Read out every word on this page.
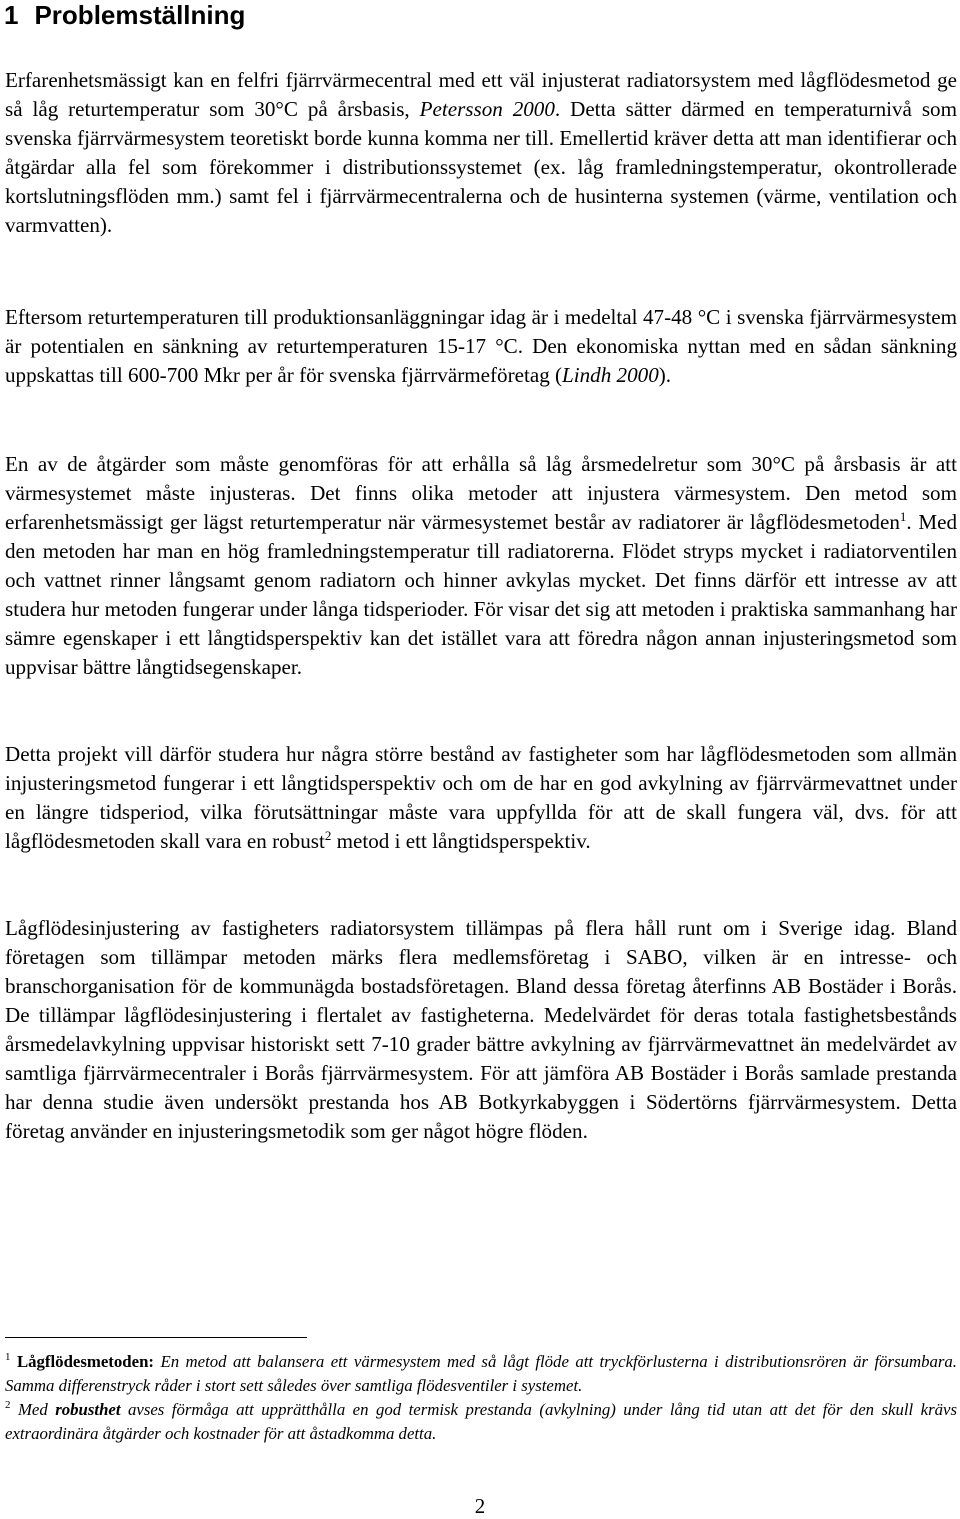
1 Problemställning

Erfarenhetsmässigt kan en felfri fjärrvärmecentral med ett väl injusterat radiatorsystem med lågflödesmetod ge så låg returtemperatur som 30°C på årsbasis, Petersson 2000. Detta sätter därmed en temperaturnivå som svenska fjärrvärmesystem teoretiskt borde kunna komma ner till. Emellertid kräver detta att man identifierar och åtgärdar alla fel som förekommer i distributionssystemet (ex. låg framledningstemperatur, okontrollerade kortslutningsflöden mm.) samt fel i fjärrvärmecentralerna och de husinterna systemen (värme, ventilation och varmvatten).

Eftersom returtemperaturen till produktionsanläggningar idag är i medeltal 47-48 °C i svenska fjärrvärmesystem är potentialen en sänkning av returtemperaturen 15-17 °C. Den ekonomiska nyttan med en sådan sänkning uppskattas till 600-700 Mkr per år för svenska fjärrvärmeföretag (Lindh 2000).

En av de åtgärder som måste genomföras för att erhålla så låg årsmedelretur som 30°C på årsbasis är att värmesystemet måste injusteras. Det finns olika metoder att injustera värmesystem. Den metod som erfarenhetsmässigt ger lägst returtemperatur när värmesystemet består av radiatorer är lågflödesmetoden$^1$. Med den metoden har man en hög framledningstemperatur till radiatorerna. Flödet stryps mycket i radiatorventilen och vattnet rinner långsamt genom radiatorn och hinner avkylas mycket. Det finns därför ett intresse av att studera hur metoden fungerar under långa tidsperioder. För visar det sig att metoden i praktiska sammanhang har sämre egenskaper i ett långtidsperspektiv kan det istället vara att föredra någon annan injusteringsmetod som uppvisar bättre långtidsegenskaper.

Detta projekt vill därför studera hur några större bestånd av fastigheter som har lågflödesmetoden som allmän injusteringsmetod fungerar i ett långtidsperspektiv och om de har en god avkylning av fjärrvärmevattnet under en längre tidsperiod, vilka förutsättningar måste vara uppfyllda för att de skall fungera väl, dvs. för att lågflödesmetoden skall vara en robust$^2$ metod i ett långtidsperspektiv.

Lågflödesinjustering av fastigheters radiatorsystem tillämpas på flera håll runt om i Sverige idag. Bland företagen som tillämpar metoden märks flera medlemsföretag i SABO, vilken är en intresse- och branschorganisation för de kommunägda bostadsföretagen. Bland dessa företag återfinns AB Bostäder i Borås. De tillämpar lågflödesinjustering i flertalet av fastigheterna. Medelvärdet för deras totala fastighetsbestånds årsmedelavkylning uppvisar historiskt sett 7-10 grader bättre avkylning av fjärrvärmevattnet än medelvärdet av samtliga fjärrvärmecentraler i Borås fjärrvärmesystem. För att jämföra AB Bostäder i Borås samlade prestanda har denna studie även undersökt prestanda hos AB Botkyrkabyggen i Södertörns fjärrvärmesystem. Detta företag använder en injusteringsmetodik som ger något högre flöden.

$^1$ Lågflödesmetoden: En metod att balansera ett värmesystem med så lågt flöde att tryckförlusterna i distributionsrören är försumbara. Samma differenstryck råder i stort sett således över samtliga flödesventiler i systemet.

$^2$ Med robusthet avses förmåga att upprätthålla en god termisk prestanda (avkylning) under lång tid utan att det för den skull krävs extraordinära åtgärder och kostnader för att åstadkomma detta.

2
